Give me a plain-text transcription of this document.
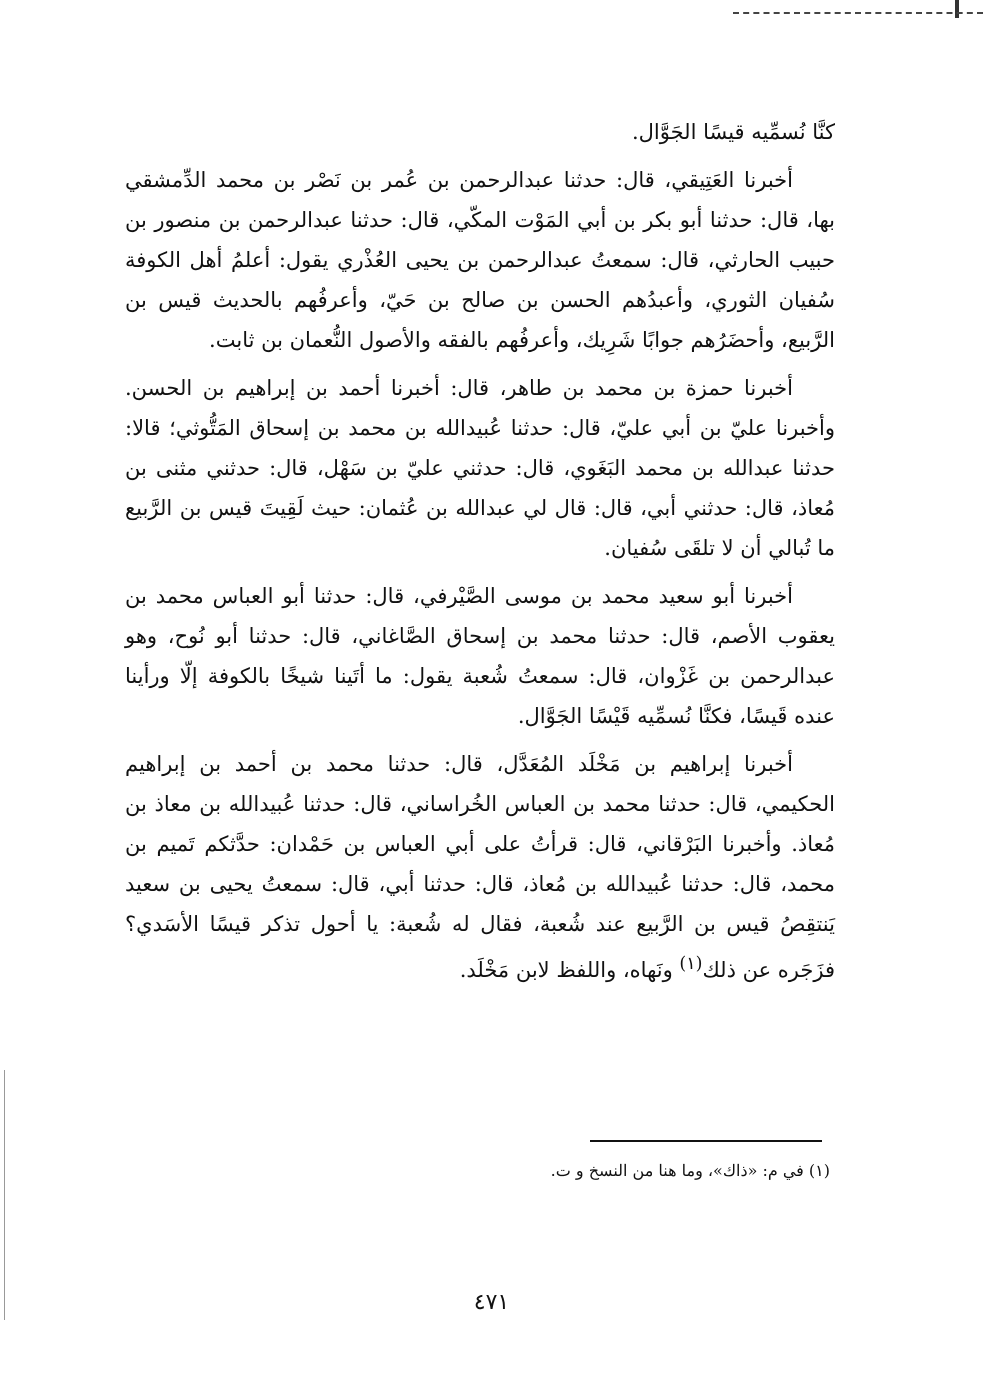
كنَّا نُسمِّيه قيسًا الجَوَّال.

أخبرنا العَتِيقي، قال: حدثنا عبدالرحمن بن عُمر بن نَصْر بن محمد الدِّمشقي بها، قال: حدثنا أبو بكر بن أبي المَوْت المكّي، قال: حدثنا عبدالرحمن بن منصور بن حبيب الحارثي، قال: سمعتُ عبدالرحمن بن يحيى العُذْري يقول: أعلمُ أهل الكوفة سُفيان الثوري، وأعبدُهم الحسن بن صالح بن حَيّ، وأعرفُهم بالحديث قيس بن الرَّبيع، وأحضَرُهم جوابًا شَرِيك، وأعرفُهم بالفقه والأصول النُّعمان بن ثابت.

أخبرنا حمزة بن محمد بن طاهر، قال: أخبرنا أحمد بن إبراهيم بن الحسن. وأخبرنا عليّ بن أبي عليّ، قال: حدثنا عُبيدالله بن محمد بن إسحاق المَتُّوثي؛ قالا: حدثنا عبدالله بن محمد البَغَوي، قال: حدثني عليّ بن سَهْل، قال: حدثني مثنى بن مُعاذ، قال: حدثني أبي، قال: قال لي عبدالله بن عُثمان: حيث لَقِيتَ قيس بن الرَّبيع ما تُبالي أن لا تلقَى سُفيان.

أخبرنا أبو سعيد محمد بن موسى الصَّيْرفي، قال: حدثنا أبو العباس محمد بن يعقوب الأصم، قال: حدثنا محمد بن إسحاق الصَّاغاني، قال: حدثنا أبو نُوح، وهو عبدالرحمن بن غَزْوان، قال: سمعتُ شُعبة يقول: ما أتَينا شيخًا بالكوفة إلّا ورأينا عنده قَيسًا، فكنَّا نُسمِّيه قَيْسًا الجَوَّال.

أخبرنا إبراهيم بن مَخْلَد المُعَدَّل، قال: حدثنا محمد بن أحمد بن إبراهيم الحكيمي، قال: حدثنا محمد بن العباس الخُراساني، قال: حدثنا عُبيدالله بن معاذ بن مُعاذ. وأخبرنا البَرْقاني، قال: قرأتُ على أبي العباس بن حَمْدان: حدَّثكم تَميم بن محمد، قال: حدثنا عُبيدالله بن مُعاذ، قال: حدثنا أبي، قال: سمعتُ يحيى بن سعيد يَنتقِصُ قيس بن الرَّبيع عند شُعبة، فقال له شُعبة: يا أحول تذكر قيسًا الأسَدي؟ فزَجَره عن ذلك$^{(١)}$ ونَهاه، واللفظ لابن مَخْلَد.

(١) في م: «ذاك»، وما هنا من النسخ و ت.

٤٧١
